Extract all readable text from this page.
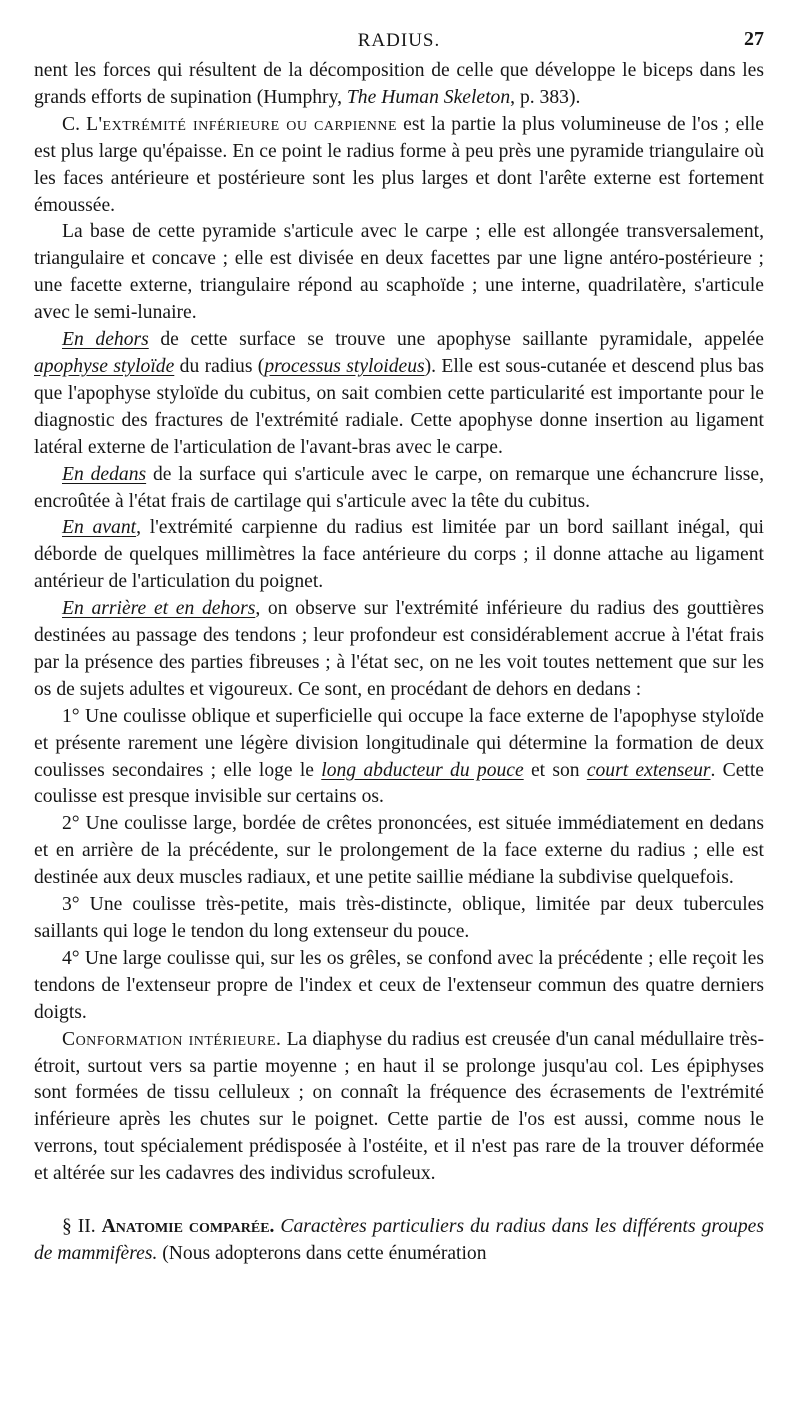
RADIUS.	27

nent les forces qui résultent de la décomposition de celle que développe le biceps dans les grands efforts de supination (Humphry, The Human Skeleton, p. 383).

C. L'extrémité inférieure ou carpienne est la partie la plus volumineuse de l'os ; elle est plus large qu'épaisse. En ce point le radius forme à peu près une pyramide triangulaire où les faces antérieure et postérieure sont les plus larges et dont l'arête externe est fortement émoussée.

La base de cette pyramide s'articule avec le carpe ; elle est allongée transversalement, triangulaire et concave ; elle est divisée en deux facettes par une ligne antéro-postérieure ; une facette externe, triangulaire répond au scaphoïde ; une interne, quadrilatère, s'articule avec le semi-lunaire.

En dehors de cette surface se trouve une apophyse saillante pyramidale, appelée apophyse styloïde du radius (processus styloideus). Elle est sous-cutanée et descend plus bas que l'apophyse styloïde du cubitus, on sait combien cette particularité est importante pour le diagnostic des fractures de l'extrémité radiale. Cette apophyse donne insertion au ligament latéral externe de l'articulation de l'avant-bras avec le carpe.

En dedans de la surface qui s'articule avec le carpe, on remarque une échancrure lisse, encroûtée à l'état frais de cartilage qui s'articule avec la tête du cubitus.

En avant, l'extrémité carpienne du radius est limitée par un bord saillant inégal, qui déborde de quelques millimètres la face antérieure du corps ; il donne attache au ligament antérieur de l'articulation du poignet.

En arrière et en dehors, on observe sur l'extrémité inférieure du radius des gouttières destinées au passage des tendons ; leur profondeur est considérablement accrue à l'état frais par la présence des parties fibreuses ; à l'état sec, on ne les voit toutes nettement que sur les os de sujets adultes et vigoureux. Ce sont, en procédant de dehors en dedans :

1° Une coulisse oblique et superficielle qui occupe la face externe de l'apophyse styloïde et présente rarement une légère division longitudinale qui détermine la formation de deux coulisses secondaires ; elle loge le long abducteur du pouce et son court extenseur. Cette coulisse est presque invisible sur certains os.

2° Une coulisse large, bordée de crêtes prononcées, est située immédiatement en dedans et en arrière de la précédente, sur le prolongement de la face externe du radius ; elle est destinée aux deux muscles radiaux, et une petite saillie médiane la subdivise quelquefois.

3° Une coulisse très-petite, mais très-distincte, oblique, limitée par deux tubercules saillants qui loge le tendon du long extenseur du pouce.

4° Une large coulisse qui, sur les os grêles, se confond avec la précédente ; elle reçoit les tendons de l'extenseur propre de l'index et ceux de l'extenseur commun des quatre derniers doigts.

Conformation intérieure. La diaphyse du radius est creusée d'un canal médullaire très-étroit, surtout vers sa partie moyenne ; en haut il se prolonge jusqu'au col. Les épiphyses sont formées de tissu celluleux ; on connaît la fréquence des écrasements de l'extrémité inférieure après les chutes sur le poignet. Cette partie de l'os est aussi, comme nous le verrons, tout spécialement prédisposée à l'ostéite, et il n'est pas rare de la trouver déformée et altérée sur les cadavres des individus scrofuleux.

§ II. Anatomie comparée. Caractères particuliers du radius dans les différents groupes de mammifères. (Nous adopterons dans cette énumération
